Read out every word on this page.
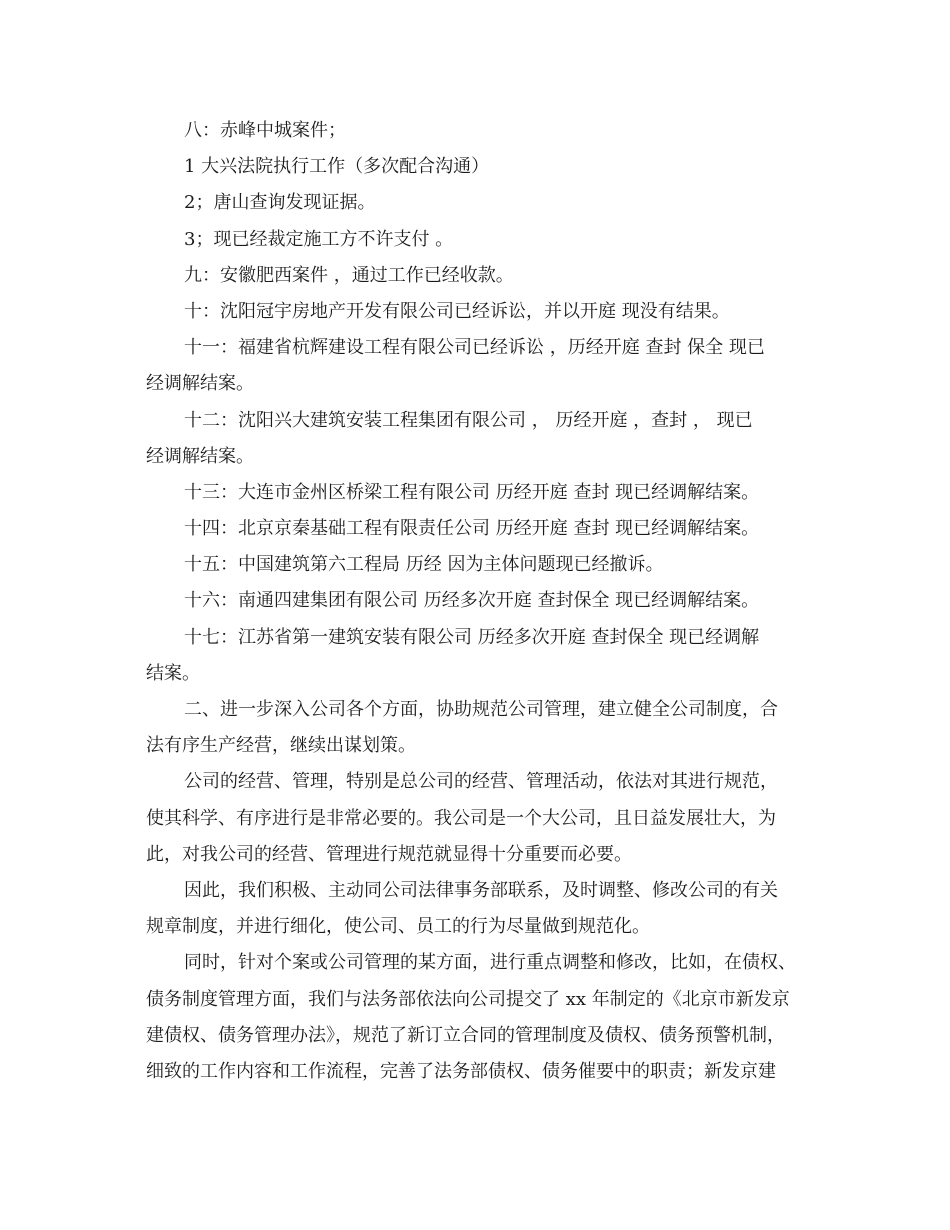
八：赤峰中城案件；
1 大兴法院执行工作（多次配合沟通）
2；唐山查询发现证据。
3；现已经裁定施工方不许支付 。
九：安徽肥西案件 ，通过工作已经收款。
十：沈阳冠宇房地产开发有限公司已经诉讼，并以开庭 现没有结果。
十一：福建省杭辉建设工程有限公司已经诉讼 ，历经开庭 查封 保全 现已
经调解结案。
十二：沈阳兴大建筑安装工程集团有限公司 ， 历经开庭 ，查封 ， 现已
经调解结案。
十三：大连市金州区桥梁工程有限公司 历经开庭 查封 现已经调解结案。
十四：北京京秦基础工程有限责任公司 历经开庭 查封 现已经调解结案。
十五：中国建筑第六工程局 历经 因为主体问题现已经撤诉。
十六：南通四建集团有限公司 历经多次开庭 查封保全 现已经调解结案。
十七：江苏省第一建筑安装有限公司 历经多次开庭 查封保全 现已经调解
结案。
二、进一步深入公司各个方面，协助规范公司管理，建立健全公司制度，合
法有序生产经营，继续出谋划策。
公司的经营、管理，特别是总公司的经营、管理活动，依法对其进行规范，
使其科学、有序进行是非常必要的。我公司是一个大公司，且日益发展壮大，为
此，对我公司的经营、管理进行规范就显得十分重要而必要。
因此，我们积极、主动同公司法律事务部联系，及时调整、修改公司的有关
规章制度，并进行细化，使公司、员工的行为尽量做到规范化。
同时，针对个案或公司管理的某方面，进行重点调整和修改，比如，在债权、
债务制度管理方面，我们与法务部依法向公司提交了 xx 年制定的《北京市新发京
建债权、债务管理办法》，规范了新订立合同的管理制度及债权、债务预警机制，
细致的工作内容和工作流程，完善了法务部债权、债务催要中的职责；新发京建
